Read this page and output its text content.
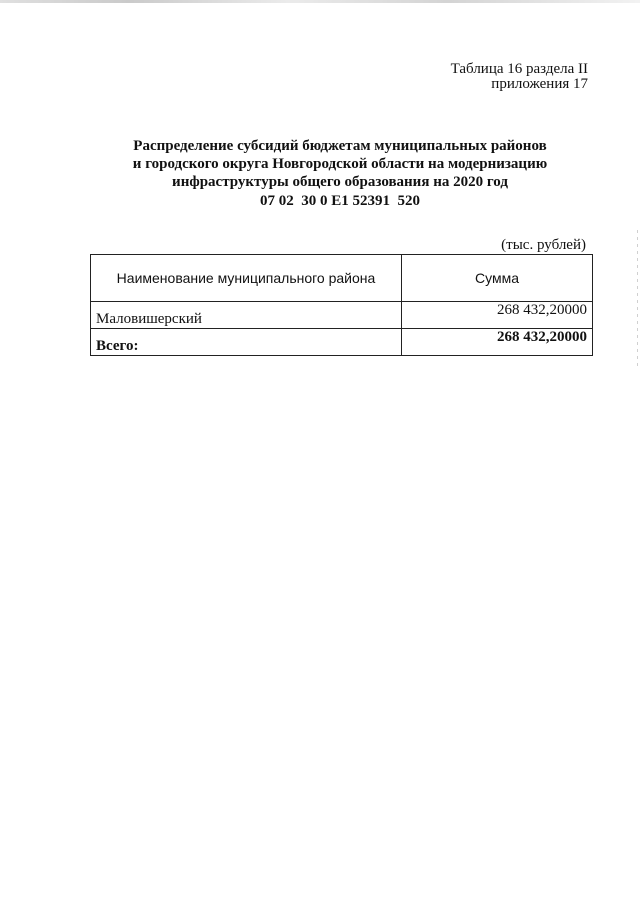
Таблица 16 раздела II
приложения 17
Распределение субсидий бюджетам муниципальных районов
и городского округа Новгородской области на модернизацию
инфраструктуры общего образования на 2020 год
07 02  30 0 E1 52391  520
(тыс. рублей)
Наименование муниципального района	Сумма
Маловишерский	268 432,20000
Всего:	268 432,20000
